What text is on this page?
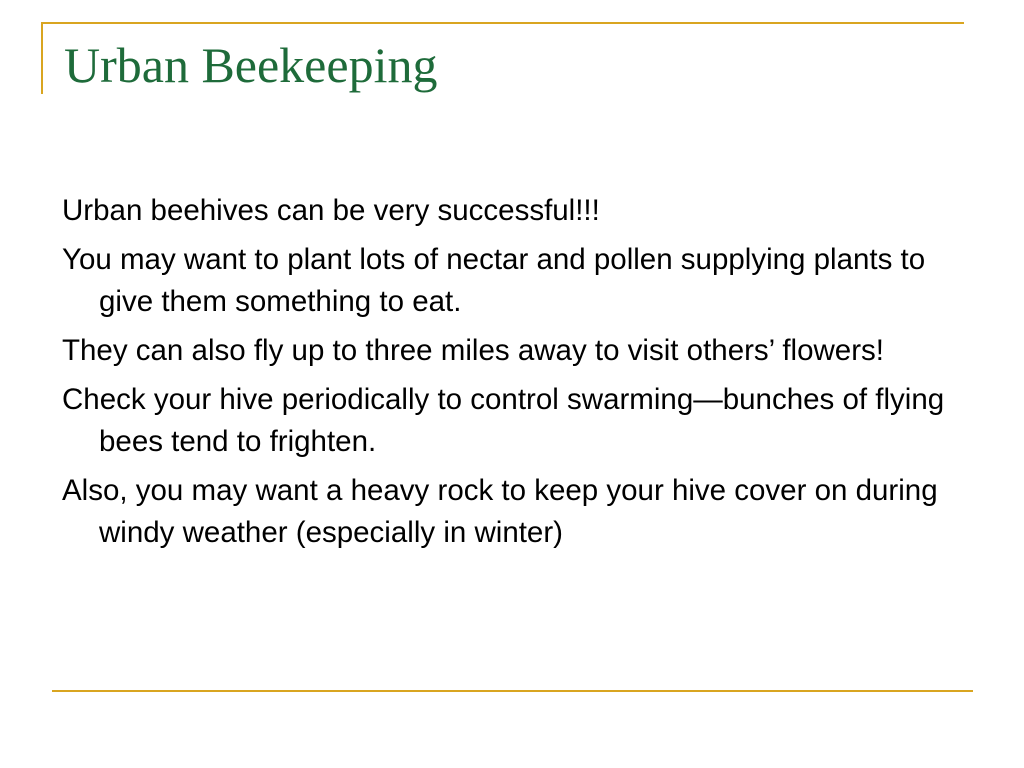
Urban Beekeeping
Urban beehives can be very successful!!!
You may want to plant lots of nectar and pollen supplying plants to give them something to eat.
They can also fly up to three miles away to visit others’ flowers!
Check your hive periodically to control swarming—bunches of flying bees tend to frighten.
Also, you may want a heavy rock to keep your hive cover on during windy weather (especially in winter)
